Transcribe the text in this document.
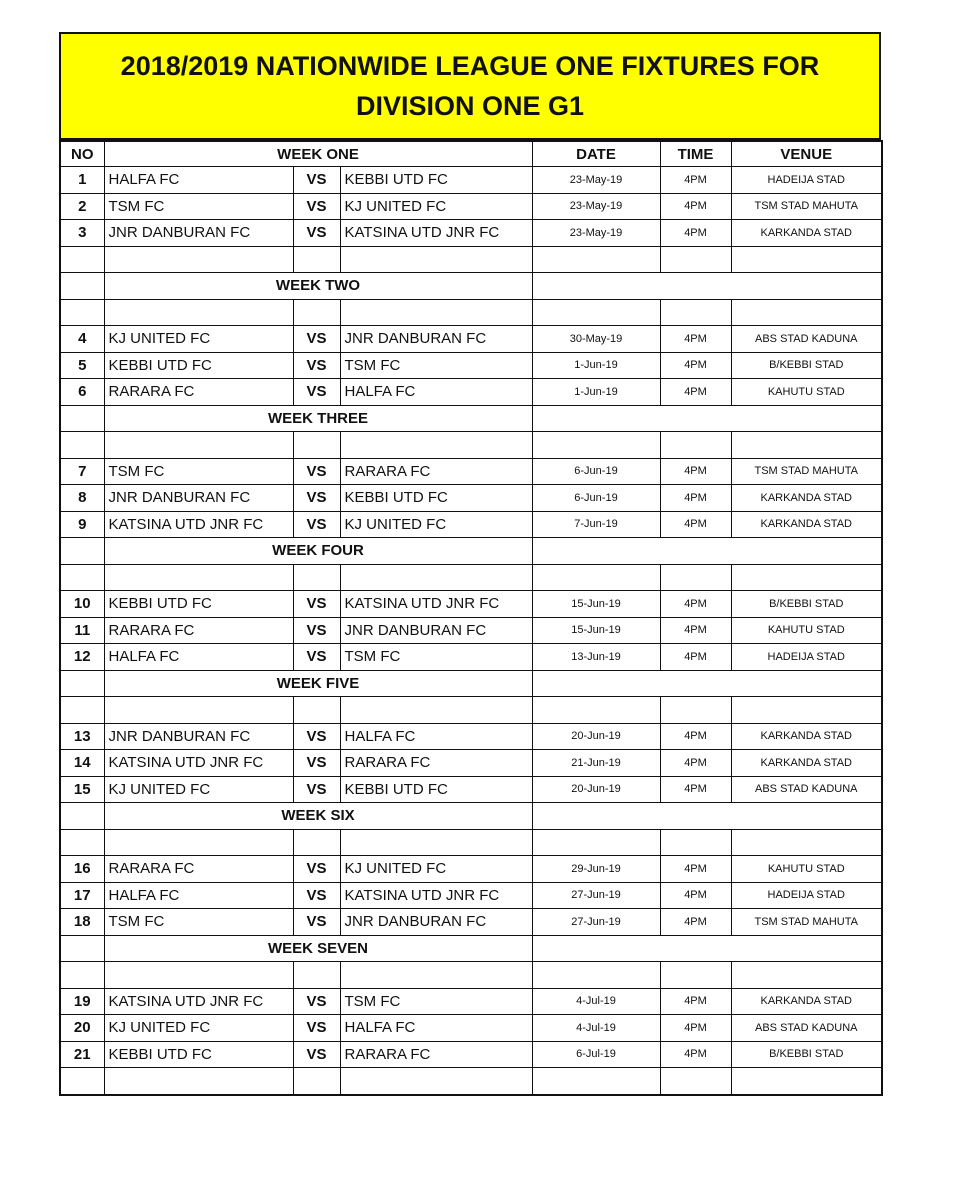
2018/2019 NATIONWIDE LEAGUE ONE FIXTURES FOR
DIVISION ONE G1
NO	WEEK ONE			DATE	TIME	VENUE
1	HALFA FC	VS	KEBBI UTD FC	23-May-19	4PM	HADEIJA STAD
2	TSM FC	VS	KJ UNITED FC	23-May-19	4PM	TSM STAD MAHUTA
3	JNR DANBURAN FC	VS	KATSINA UTD JNR FC	23-May-19	4PM	KARKANDA STAD

	WEEK TWO					

4	KJ UNITED FC	VS	JNR DANBURAN FC	30-May-19	4PM	ABS STAD KADUNA
5	KEBBI UTD FC	VS	TSM FC	1-Jun-19	4PM	B/KEBBI STAD
6	RARARA FC	VS	HALFA FC	1-Jun-19	4PM	KAHUTU STAD
	WEEK THREE					

7	TSM FC	VS	RARARA FC	6-Jun-19	4PM	TSM STAD MAHUTA
8	JNR DANBURAN FC	VS	KEBBI UTD FC	6-Jun-19	4PM	KARKANDA STAD
9	KATSINA UTD JNR FC	VS	KJ UNITED FC	7-Jun-19	4PM	KARKANDA STAD
	WEEK FOUR					

10	KEBBI UTD FC	VS	KATSINA UTD JNR FC	15-Jun-19	4PM	B/KEBBI STAD
11	RARARA FC	VS	JNR DANBURAN FC	15-Jun-19	4PM	KAHUTU STAD
12	HALFA FC	VS	TSM FC	13-Jun-19	4PM	HADEIJA STAD
	WEEK FIVE					

13	JNR DANBURAN FC	VS	HALFA FC	20-Jun-19	4PM	KARKANDA STAD
14	KATSINA UTD JNR FC	VS	RARARA FC	21-Jun-19	4PM	KARKANDA STAD
15	KJ UNITED FC	VS	KEBBI UTD FC	20-Jun-19	4PM	ABS STAD KADUNA
	WEEK SIX					

16	RARARA FC	VS	KJ UNITED FC	29-Jun-19	4PM	KAHUTU STAD
17	HALFA FC	VS	KATSINA UTD JNR FC	27-Jun-19	4PM	HADEIJA STAD
18	TSM FC	VS	JNR DANBURAN FC	27-Jun-19	4PM	TSM STAD MAHUTA
	WEEK SEVEN					

19	KATSINA UTD JNR FC	VS	TSM FC	4-Jul-19	4PM	KARKANDA STAD
20	KJ UNITED FC	VS	HALFA FC	4-Jul-19	4PM	ABS STAD KADUNA
21	KEBBI UTD FC	VS	RARARA FC	6-Jul-19	4PM	B/KEBBI STAD
